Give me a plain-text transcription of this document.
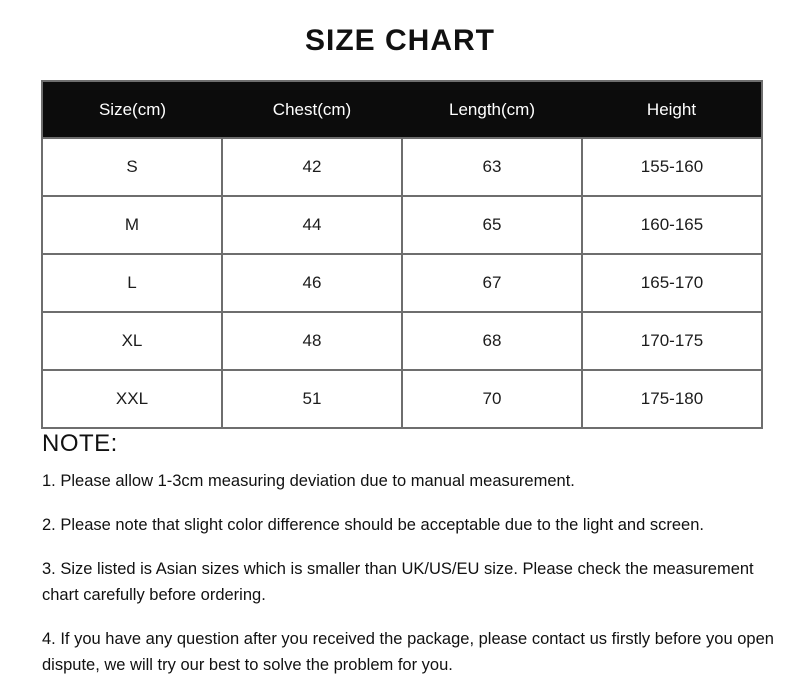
SIZE CHART
Size(cm)	Chest(cm)	Length(cm)	Height
S	42	63	155-160
M	44	65	160-165
L	46	67	165-170
XL	48	68	170-175
XXL	51	70	175-180
NOTE:

1. Please allow 1-3cm measuring deviation due to manual measurement.

2. Please note that slight color difference should be acceptable due to the light and screen.

3. Size listed is Asian sizes which is smaller than UK/US/EU size. Please check the measurement chart carefully before ordering.

4. If you have any question after you received the package, please contact us firstly before you open dispute, we will try our best to solve the problem for you.
